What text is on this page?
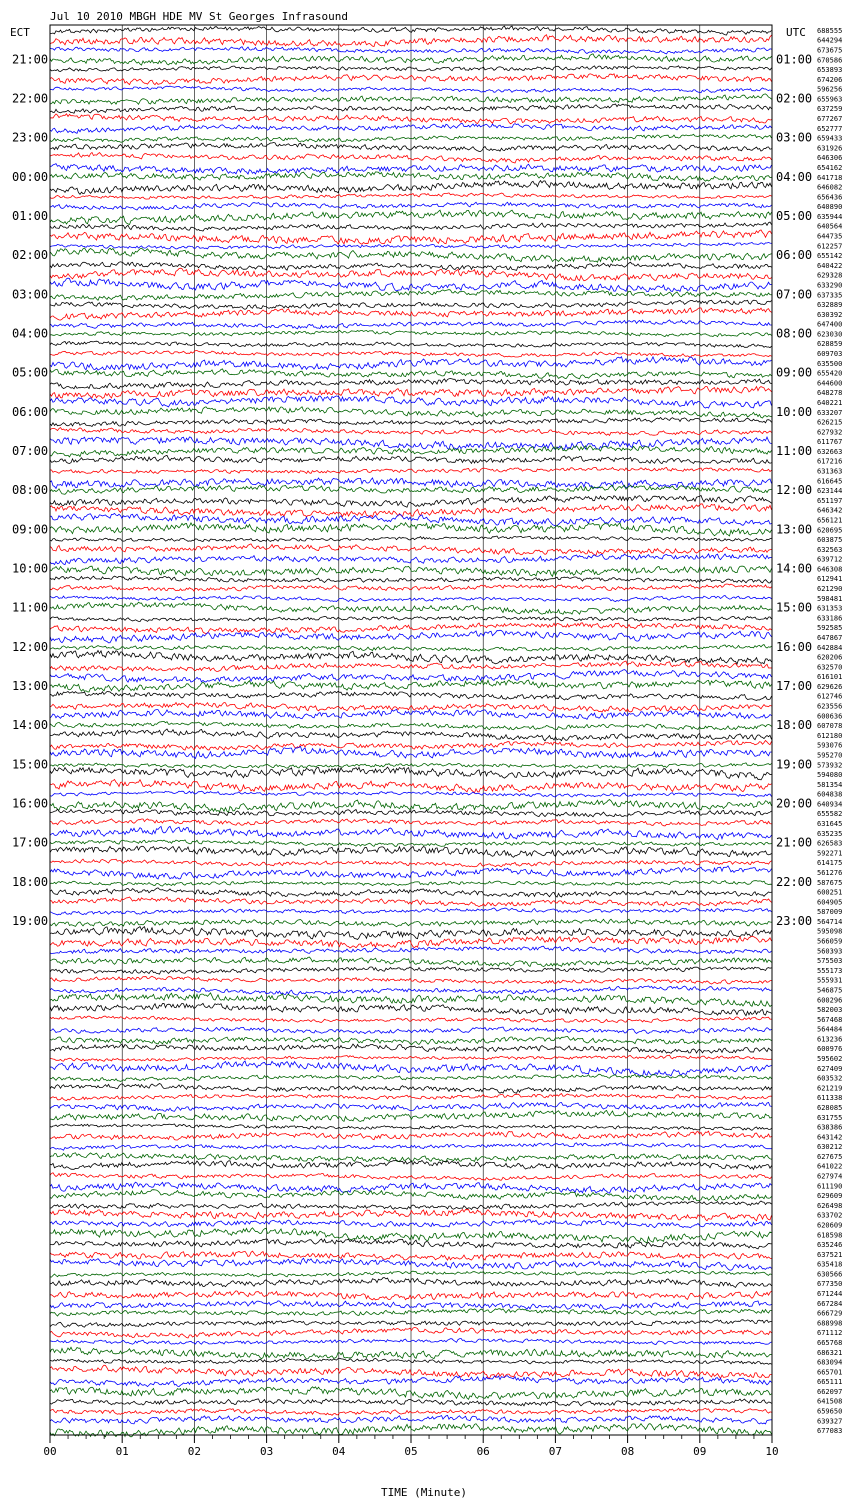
Jul 10 2010 MBGH HDE MV St Georges Infrasound
ECT	UTC
TIME (Minute)
00	01	02	03	04	05	06	07	08	09	10
21:00
22:00
23:00
00:00
01:00
02:00
03:00
04:00
05:00
06:00
07:00
08:00
09:00
10:00
11:00
12:00
13:00
14:00
15:00
16:00
17:00
18:00
19:00
01:00
02:00
03:00
04:00
05:00
06:00
07:00
08:00
09:00
10:00
11:00
12:00
13:00
14:00
15:00
16:00
17:00
18:00
19:00
20:00
21:00
22:00
23:00
688555
644294
673675
670586
653893
674206
596256
655963
637259
677267
652777
659433
631926
646306
654162
641718
646082
656436
640890
635944
640564
644735
612257
655142
640422
629328
633290
637335
632889
630392
647400
623030
628859
609703
635500
655420
644600
648278
640221
633207
626215
627932
611767
632663
617216
631363
616645
623144
651197
646342
656121
620695
603875
632563
639712
646308
612941
621290
598481
631353
633186
592585
647867
642884
620206
632570
616101
629626
612746
623556
600636
607078
612180
593076
595270
573932
594080
581354
604838
640934
655582
631645
635235
626583
592271
614175
561276
587675
600251
604905
587009
564714
595098
566059
560393
575503
555173
555931
546875
600296
582003
567468
564484
613236
600976
595602
627409
603532
621219
611338
628085
631755
638386
643142
630212
627675
641022
627974
611190
629609
626498
633702
620609
618598
635246
637521
635418
630566
677350
671244
667284
666729
688998
671112
665768
686321
683094
665701
665111
662097
641508
659650
639327
677083
